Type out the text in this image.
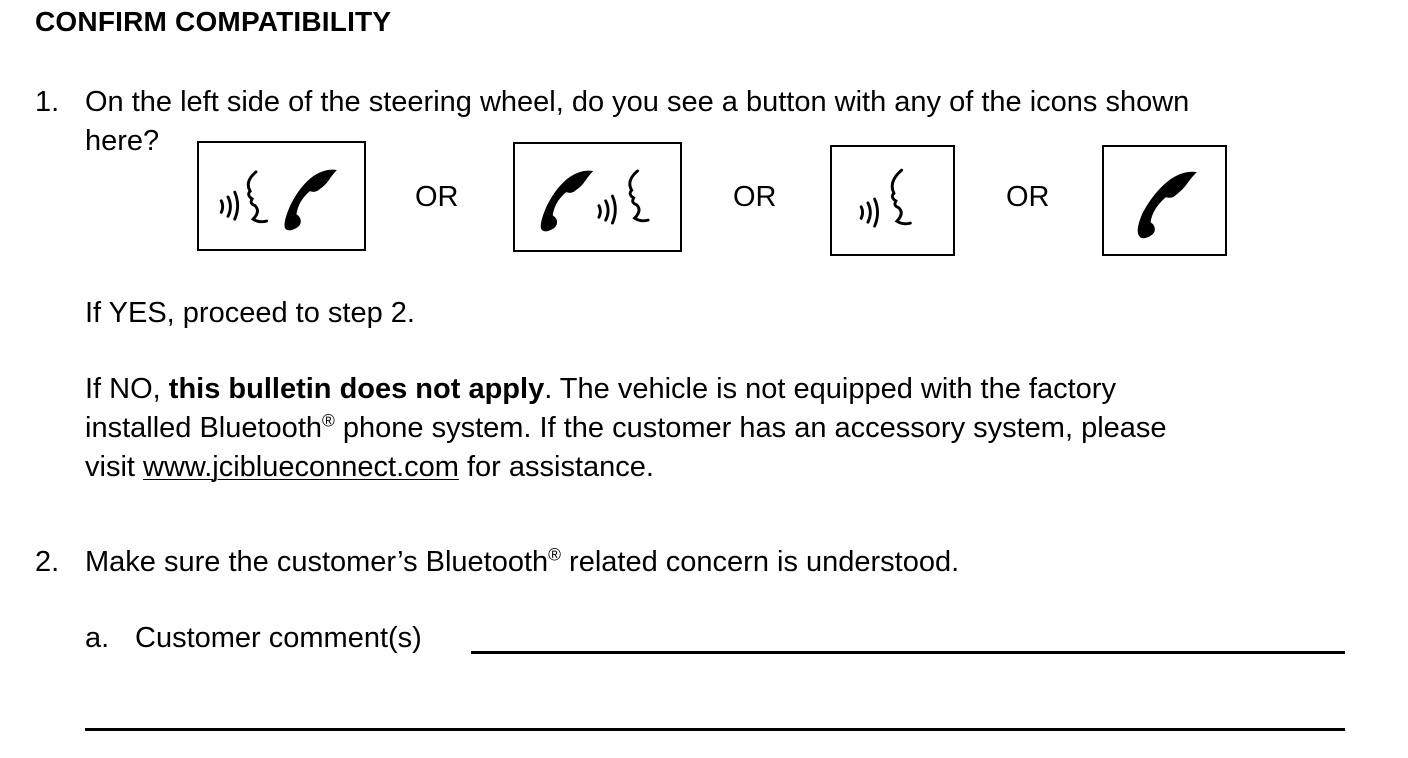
CONFIRM COMPATIBILITY
1. On the left side of the steering wheel, do you see a button with any of the icons shown
here?
OR	OR	OR
If YES, proceed to step 2.
If NO, this bulletin does not apply. The vehicle is not equipped with the factory
installed Bluetooth® phone system. If the customer has an accessory system, please
visit www.jciblueconnect.com for assistance.
2. Make sure the customer’s Bluetooth® related concern is understood.
a. Customer comment(s)
